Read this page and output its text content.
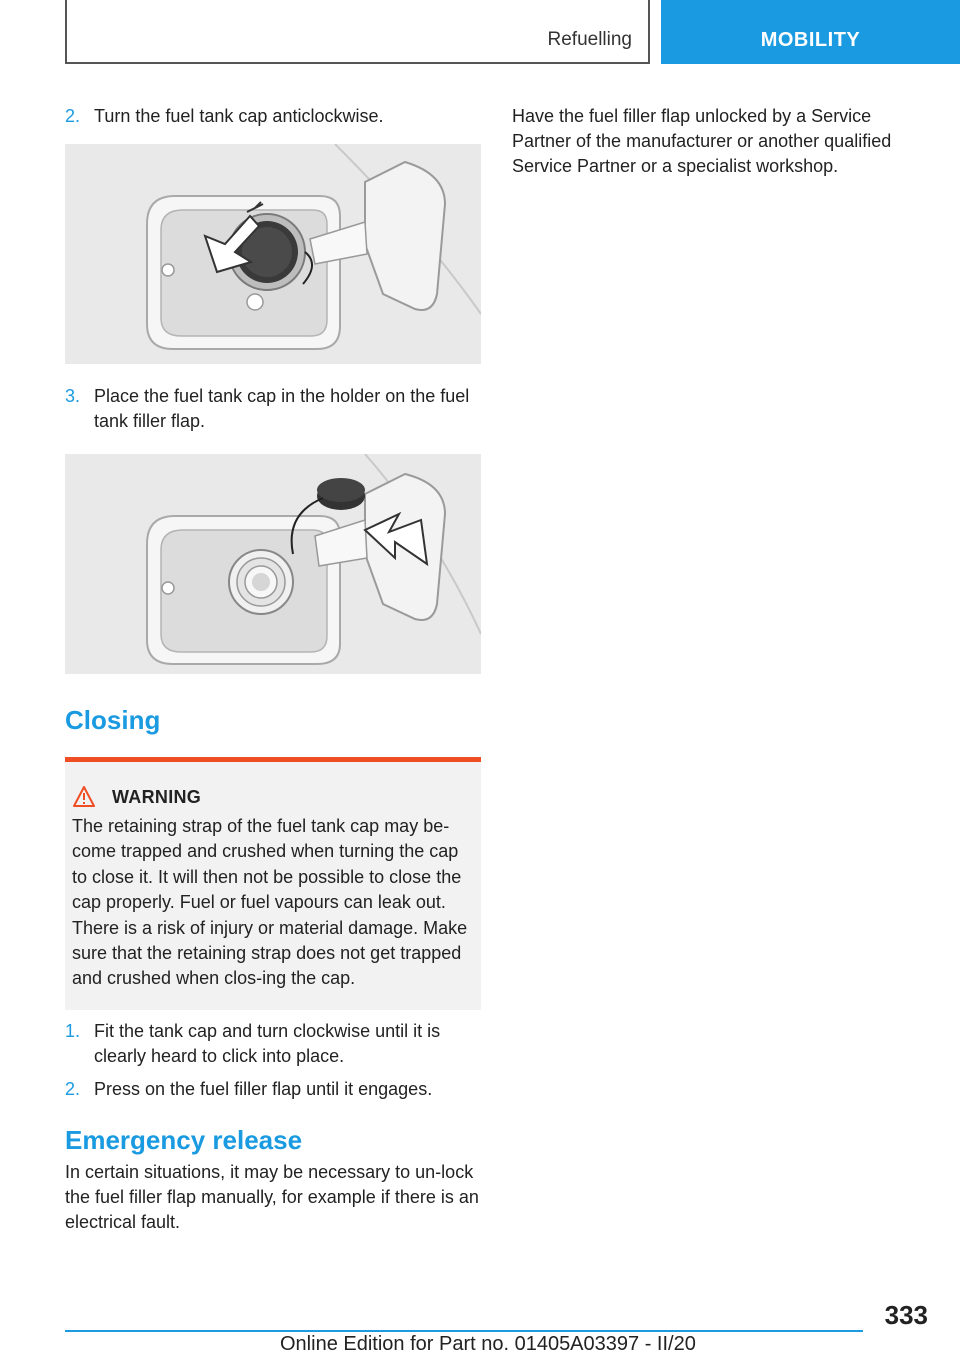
Refuelling	MOBILITY
2. Turn the fuel tank cap anticlockwise.
3. Place the fuel tank cap in the holder on the fuel tank filler flap.
Closing
WARNING
The retaining strap of the fuel tank cap may be‐come trapped and crushed when turning the cap to close it. It will then not be possible to close the cap properly. Fuel or fuel vapours can leak out. There is a risk of injury or material damage. Make sure that the retaining strap does not get trapped and crushed when clos‐ing the cap.
1. Fit the tank cap and turn clockwise until it is clearly heard to click into place.
2. Press on the fuel filler flap until it engages.
Emergency release
In certain situations, it may be necessary to un‐lock the fuel filler flap manually, for example if there is an electrical fault.

Have the fuel filler flap unlocked by a Service Partner of the manufacturer or another qualified Service Partner or a specialist workshop.

333
Online Edition for Part no. 01405A03397 - II/20
